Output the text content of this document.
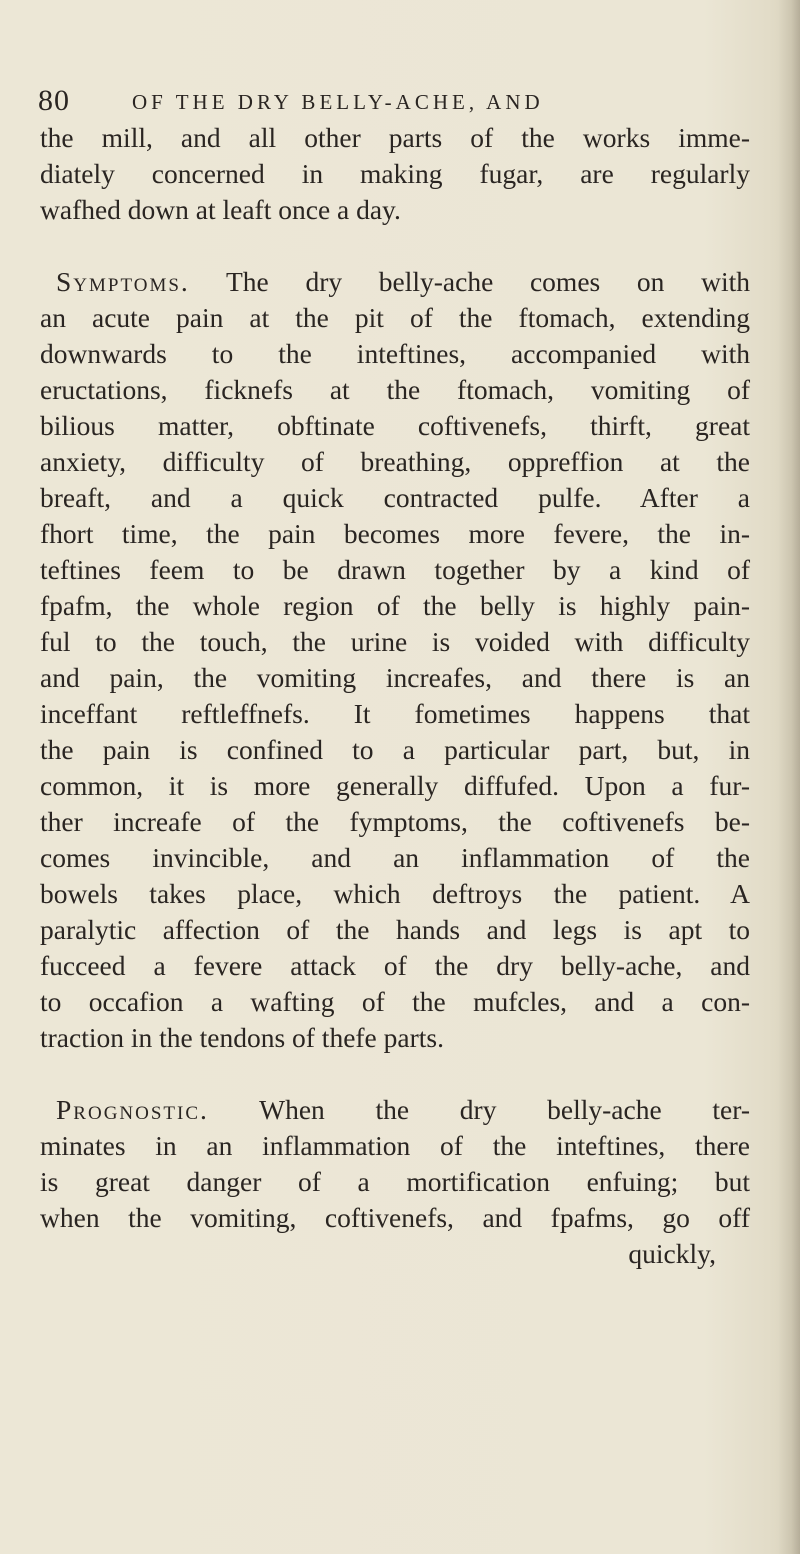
80	OF THE DRY BELLY-ACHE, AND
the mill, and all other parts of the works imme-
diately concerned in making fugar, are regularly
wafhed down at leaft once a day.
Symptoms. The dry belly-ache comes on with
an acute pain at the pit of the ftomach, extending
downwards to the inteftines, accompanied with
eructations, ficknefs at the ftomach, vomiting of
bilious matter, obftinate coftivenefs, thirft, great
anxiety, difficulty of breathing, oppreffion at the
breaft, and a quick contracted pulfe. After a
fhort time, the pain becomes more fevere, the in-
teftines feem to be drawn together by a kind of
fpafm, the whole region of the belly is highly pain-
ful to the touch, the urine is voided with difficulty
and pain, the vomiting increafes, and there is an
inceffant reftleffnefs. It fometimes happens that
the pain is confined to a particular part, but, in
common, it is more generally diffufed. Upon a fur-
ther increafe of the fymptoms, the coftivenefs be-
comes invincible, and an inflammation of the
bowels takes place, which deftroys the patient. A
paralytic affection of the hands and legs is apt to
fucceed a fevere attack of the dry belly-ache, and
to occafion a wafting of the mufcles, and a con-
traction in the tendons of thefe parts.
Prognostic. When the dry belly-ache ter-
minates in an inflammation of the inteftines, there
is great danger of a mortification enfuing; but
when the vomiting, coftivenefs, and fpafms, go off
quickly,
